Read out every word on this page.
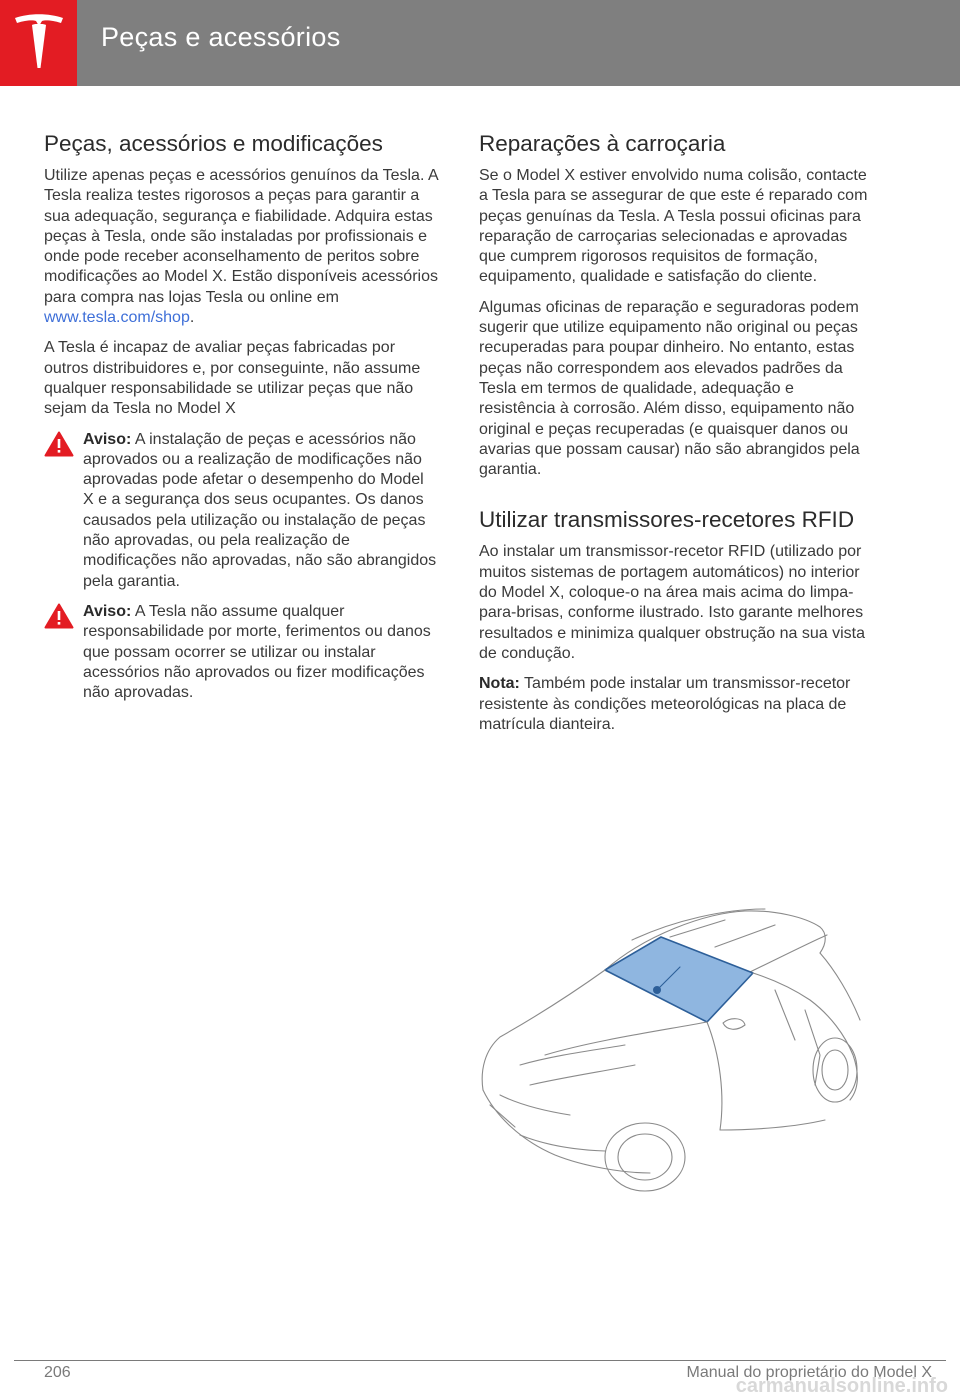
Peças e acessórios
Peças, acessórios e modificações

Utilize apenas peças e acessórios genuínos da Tesla. A Tesla realiza testes rigorosos a peças para garantir a sua adequação, segurança e fiabilidade. Adquira estas peças à Tesla, onde são instaladas por profissionais e onde pode receber aconselhamento de peritos sobre modificações ao Model X. Estão disponíveis acessórios para compra nas lojas Tesla ou online em www.tesla.com/shop.

A Tesla é incapaz de avaliar peças fabricadas por outros distribuidores e, por conseguinte, não assume qualquer responsabilidade se utilizar peças que não sejam da Tesla no Model X

Aviso: A instalação de peças e acessórios não aprovados ou a realização de modificações não aprovadas pode afetar o desempenho do Model X e a segurança dos seus ocupantes. Os danos causados pela utilização ou instalação de peças não aprovadas, ou pela realização de modificações não aprovadas, não são abrangidos pela garantia.

Aviso: A Tesla não assume qualquer responsabilidade por morte, ferimentos ou danos que possam ocorrer se utilizar ou instalar acessórios não aprovados ou fizer modificações não aprovadas.

Reparações à carroçaria

Se o Model X estiver envolvido numa colisão, contacte a Tesla para se assegurar de que este é reparado com peças genuínas da Tesla. A Tesla possui oficinas para reparação de carroçarias selecionadas e aprovadas que cumprem rigorosos requisitos de formação, equipamento, qualidade e satisfação do cliente.

Algumas oficinas de reparação e seguradoras podem sugerir que utilize equipamento não original ou peças recuperadas para poupar dinheiro. No entanto, estas peças não correspondem aos elevados padrões da Tesla em termos de qualidade, adequação e resistência à corrosão. Além disso, equipamento não original e peças recuperadas (e quaisquer danos ou avarias que possam causar) não são abrangidos pela garantia.

Utilizar transmissores-recetores RFID

Ao instalar um transmissor-recetor RFID (utilizado por muitos sistemas de portagem automáticos) no interior do Model X, coloque-o na área mais acima do limpa-para-brisas, conforme ilustrado. Isto garante melhores resultados e minimiza qualquer obstrução na sua vista de condução.

Nota: Também pode instalar um transmissor-recetor resistente às condições meteorológicas na placa de matrícula dianteira.

206	Manual do proprietário do Model X
carmanualsonline.info
